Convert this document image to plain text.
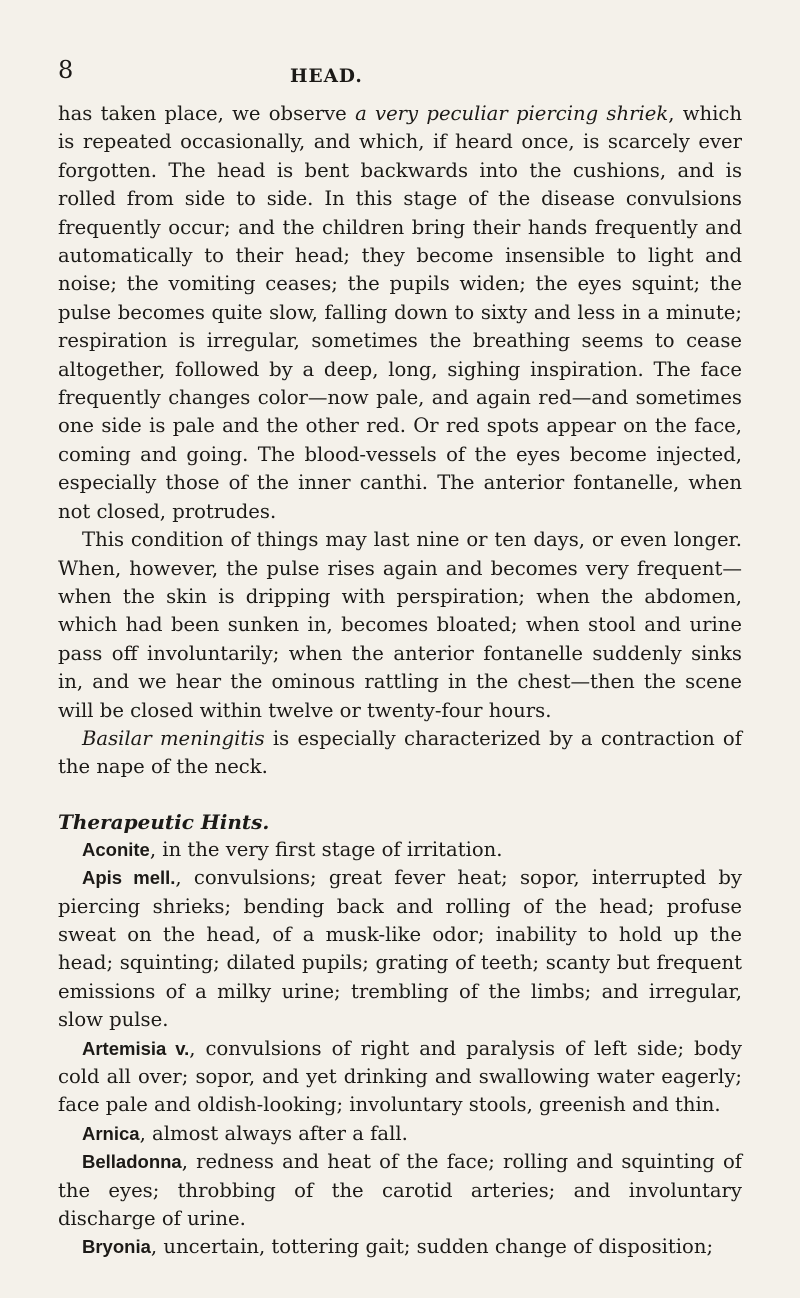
8	HEAD.

has taken place, we observe a very peculiar piercing shriek, which is repeated occasionally, and which, if heard once, is scarcely ever forgotten. The head is bent backwards into the cushions, and is rolled from side to side. In this stage of the disease convulsions frequently occur; and the children bring their hands frequently and automatically to their head; they become insensible to light and noise; the vomiting ceases; the pupils widen; the eyes squint; the pulse becomes quite slow, falling down to sixty and less in a minute; respiration is irregular, sometimes the breathing seems to cease altogether, followed by a deep, long, sighing inspiration. The face frequently changes color—now pale, and again red—and sometimes one side is pale and the other red. Or red spots appear on the face, coming and going. The blood-vessels of the eyes become injected, especially those of the inner canthi. The anterior fontanelle, when not closed, protrudes.

This condition of things may last nine or ten days, or even longer. When, however, the pulse rises again and becomes very frequent—when the skin is dripping with perspiration; when the abdomen, which had been sunken in, becomes bloated; when stool and urine pass off involuntarily; when the anterior fontanelle suddenly sinks in, and we hear the ominous rattling in the chest—then the scene will be closed within twelve or twenty-four hours.

Basilar meningitis is especially characterized by a contraction of the nape of the neck.

Therapeutic Hints.

Aconite, in the very first stage of irritation.

Apis mell., convulsions; great fever heat; sopor, interrupted by piercing shrieks; bending back and rolling of the head; profuse sweat on the head, of a musk-like odor; inability to hold up the head; squinting; dilated pupils; grating of teeth; scanty but frequent emissions of a milky urine; trembling of the limbs; and irregular, slow pulse.

Artemisia v., convulsions of right and paralysis of left side; body cold all over; sopor, and yet drinking and swallowing water eagerly; face pale and oldish-looking; involuntary stools, greenish and thin.

Arnica, almost always after a fall.

Belladonna, redness and heat of the face; rolling and squinting of the eyes; throbbing of the carotid arteries; and involuntary discharge of urine.

Bryonia, uncertain, tottering gait; sudden change of disposition;
